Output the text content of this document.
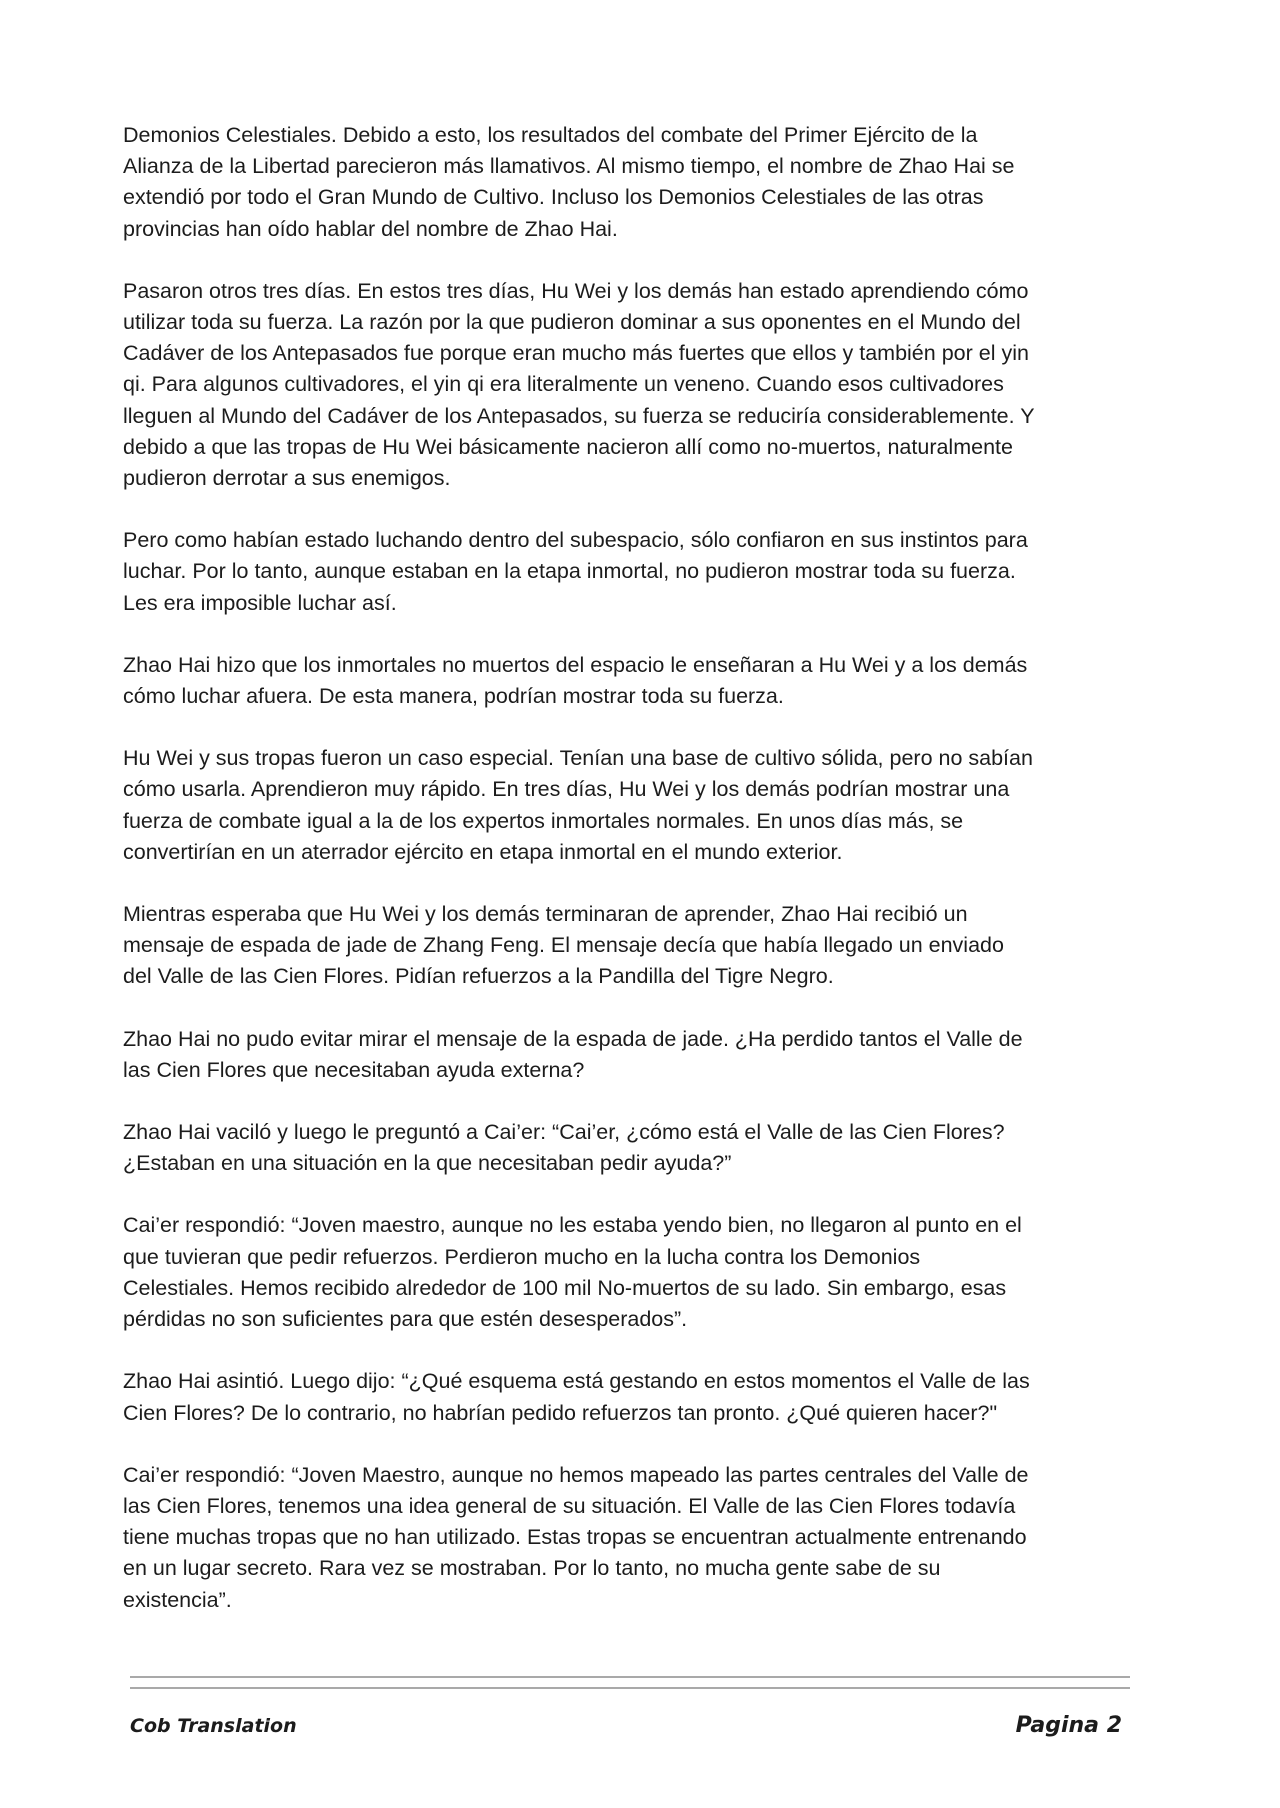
Demonios Celestiales. Debido a esto, los resultados del combate del Primer Ejército de la
Alianza de la Libertad parecieron más llamativos. Al mismo tiempo, el nombre de Zhao Hai se
extendió por todo el Gran Mundo de Cultivo. Incluso los Demonios Celestiales de las otras
provincias han oído hablar del nombre de Zhao Hai.

Pasaron otros tres días. En estos tres días, Hu Wei y los demás han estado aprendiendo cómo
utilizar toda su fuerza. La razón por la que pudieron dominar a sus oponentes en el Mundo del
Cadáver de los Antepasados fue porque eran mucho más fuertes que ellos y también por el yin
qi. Para algunos cultivadores, el yin qi era literalmente un veneno. Cuando esos cultivadores
lleguen al Mundo del Cadáver de los Antepasados, su fuerza se reduciría considerablemente. Y
debido a que las tropas de Hu Wei básicamente nacieron allí como no-muertos, naturalmente
pudieron derrotar a sus enemigos.

Pero como habían estado luchando dentro del subespacio, sólo confiaron en sus instintos para
luchar. Por lo tanto, aunque estaban en la etapa inmortal, no pudieron mostrar toda su fuerza.
Les era imposible luchar así.

Zhao Hai hizo que los inmortales no muertos del espacio le enseñaran a Hu Wei y a los demás
cómo luchar afuera. De esta manera, podrían mostrar toda su fuerza.

Hu Wei y sus tropas fueron un caso especial. Tenían una base de cultivo sólida, pero no sabían
cómo usarla. Aprendieron muy rápido. En tres días, Hu Wei y los demás podrían mostrar una
fuerza de combate igual a la de los expertos inmortales normales. En unos días más, se
convertirían en un aterrador ejército en etapa inmortal en el mundo exterior.

Mientras esperaba que Hu Wei y los demás terminaran de aprender, Zhao Hai recibió un
mensaje de espada de jade de Zhang Feng. El mensaje decía que había llegado un enviado
del Valle de las Cien Flores. Pidían refuerzos a la Pandilla del Tigre Negro.

Zhao Hai no pudo evitar mirar el mensaje de la espada de jade. ¿Ha perdido tantos el Valle de
las Cien Flores que necesitaban ayuda externa?

Zhao Hai vaciló y luego le preguntó a Cai’er: “Cai’er, ¿cómo está el Valle de las Cien Flores?
¿Estaban en una situación en la que necesitaban pedir ayuda?”

Cai’er respondió: “Joven maestro, aunque no les estaba yendo bien, no llegaron al punto en el
que tuvieran que pedir refuerzos. Perdieron mucho en la lucha contra los Demonios
Celestiales. Hemos recibido alrededor de 100 mil No-muertos de su lado. Sin embargo, esas
pérdidas no son suficientes para que estén desesperados”.

Zhao Hai asintió. Luego dijo: “¿Qué esquema está gestando en estos momentos el Valle de las
Cien Flores? De lo contrario, no habrían pedido refuerzos tan pronto. ¿Qué quieren hacer?"

Cai’er respondió: “Joven Maestro, aunque no hemos mapeado las partes centrales del Valle de
las Cien Flores, tenemos una idea general de su situación. El Valle de las Cien Flores todavía
tiene muchas tropas que no han utilizado. Estas tropas se encuentran actualmente entrenando
en un lugar secreto. Rara vez se mostraban. Por lo tanto, no mucha gente sabe de su
existencia”.

Cob Translation	Pagina 2
